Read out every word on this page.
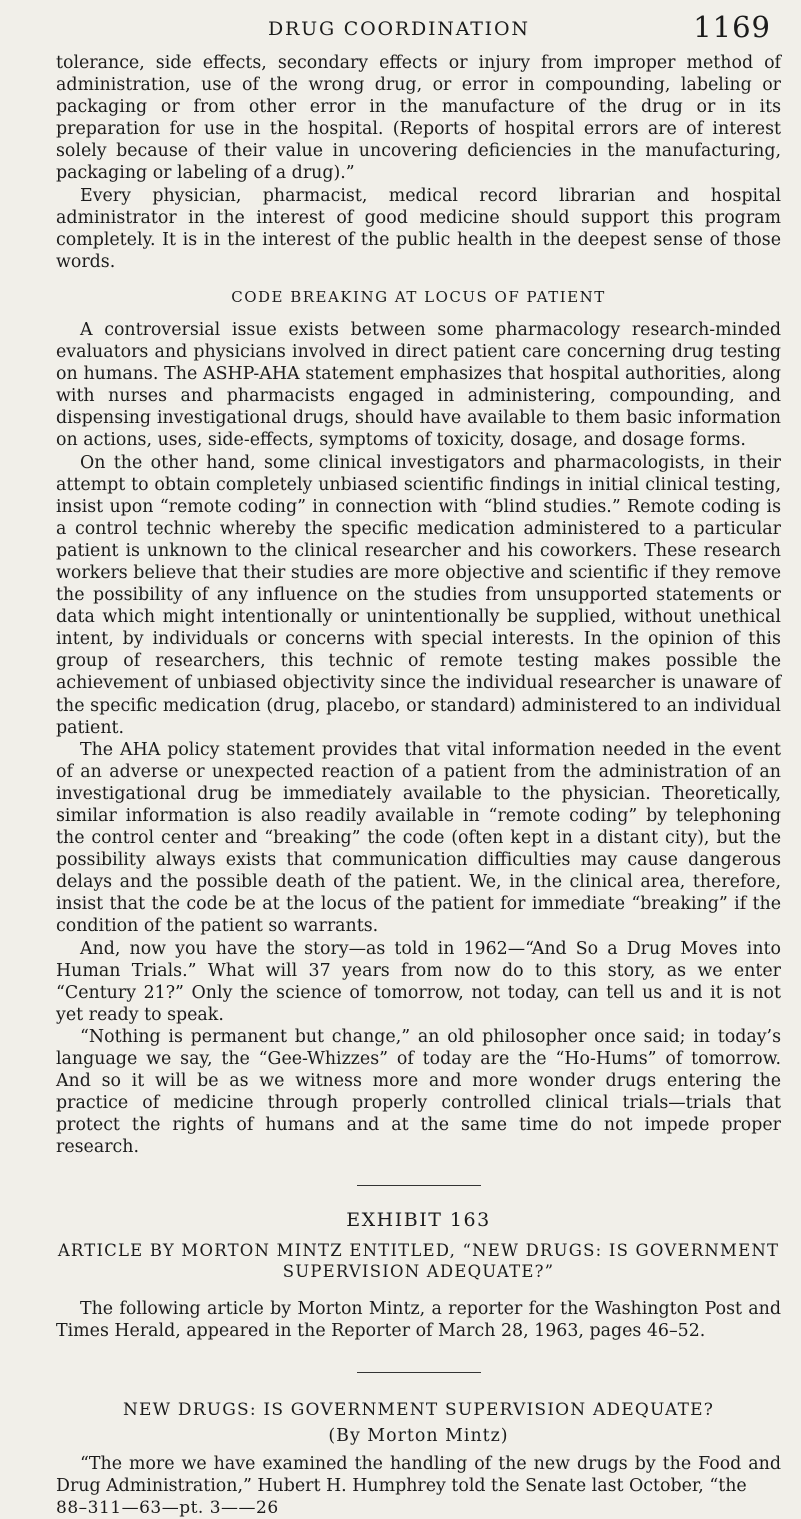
DRUG COORDINATION	1169

tolerance, side effects, secondary effects or injury from improper method of administration, use of the wrong drug, or error in compounding, labeling or packaging or from other error in the manufacture of the drug or in its preparation for use in the hospital. (Reports of hospital errors are of interest solely because of their value in uncovering deficiencies in the manufacturing, packaging or labeling of a drug).”

Every physician, pharmacist, medical record librarian and hospital administrator in the interest of good medicine should support this program completely. It is in the interest of the public health in the deepest sense of those words.

CODE BREAKING AT LOCUS OF PATIENT

A controversial issue exists between some pharmacology research-minded evaluators and physicians involved in direct patient care concerning drug testing on humans. The ASHP-AHA statement emphasizes that hospital authorities, along with nurses and pharmacists engaged in administering, compounding, and dispensing investigational drugs, should have available to them basic information on actions, uses, side-effects, symptoms of toxicity, dosage, and dosage forms.

On the other hand, some clinical investigators and pharmacologists, in their attempt to obtain completely unbiased scientific findings in initial clinical testing, insist upon “remote coding” in connection with “blind studies.” Remote coding is a control technic whereby the specific medication administered to a particular patient is unknown to the clinical researcher and his coworkers. These research workers believe that their studies are more objective and scientific if they remove the possibility of any influence on the studies from unsupported statements or data which might intentionally or unintentionally be supplied, without unethical intent, by individuals or concerns with special interests. In the opinion of this group of researchers, this technic of remote testing makes possible the achievement of unbiased objectivity since the individual researcher is unaware of the specific medication (drug, placebo, or standard) administered to an individual patient.

The AHA policy statement provides that vital information needed in the event of an adverse or unexpected reaction of a patient from the administration of an investigational drug be immediately available to the physician. Theoretically, similar information is also readily available in “remote coding” by telephoning the control center and “breaking” the code (often kept in a distant city), but the possibility always exists that communication difficulties may cause dangerous delays and the possible death of the patient. We, in the clinical area, therefore, insist that the code be at the locus of the patient for immediate “breaking” if the condition of the patient so warrants.

And, now you have the story—as told in 1962—“And So a Drug Moves into Human Trials.” What will 37 years from now do to this story, as we enter “Century 21?” Only the science of tomorrow, not today, can tell us and it is not yet ready to speak.

“Nothing is permanent but change,” an old philosopher once said; in today’s language we say, the “Gee-Whizzes” of today are the “Ho-Hums” of tomorrow. And so it will be as we witness more and more wonder drugs entering the practice of medicine through properly controlled clinical trials—trials that protect the rights of humans and at the same time do not impede proper research.

EXHIBIT 163
ARTICLE BY MORTON MINTZ ENTITLED, “NEW DRUGS: IS GOVERNMENT SUPERVISION ADEQUATE?”

The following article by Morton Mintz, a reporter for the Washington Post and Times Herald, appeared in the Reporter of March 28, 1963, pages 46–52.

NEW DRUGS: IS GOVERNMENT SUPERVISION ADEQUATE?
(By Morton Mintz)

“The more we have examined the handling of the new drugs by the Food and Drug Administration,” Hubert H. Humphrey told the Senate last October, “the

88–311—63—pt. 3——26
